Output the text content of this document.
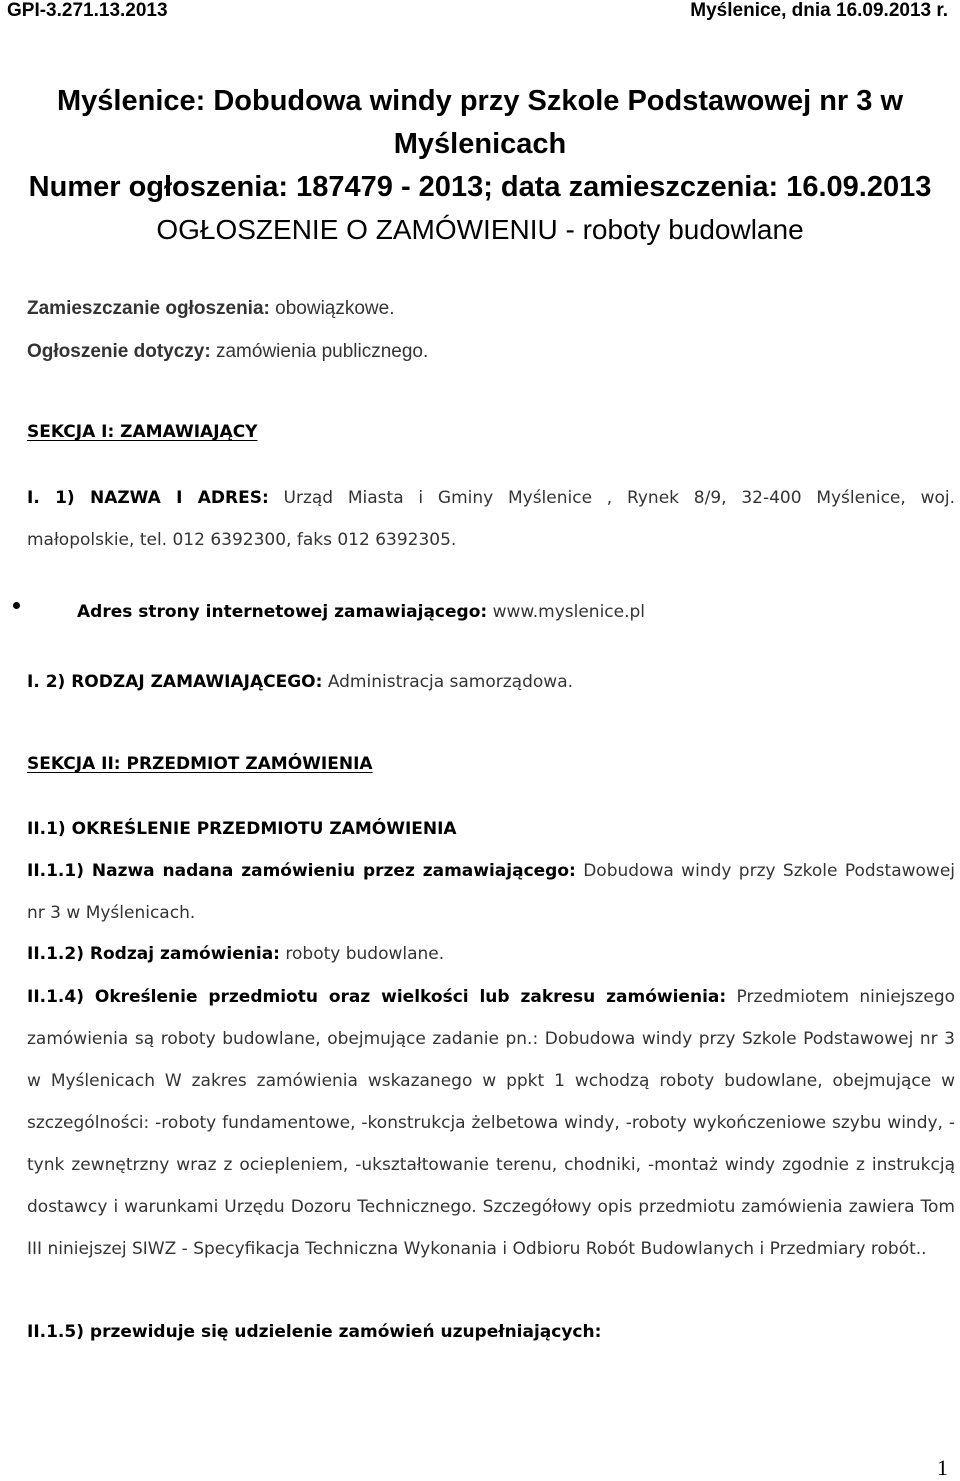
GPI-3.271.13.2013	Myślenice, dnia 16.09.2013 r.
Myślenice: Dobudowa windy przy Szkole Podstawowej nr 3 w
Myślenicach
Numer ogłoszenia: 187479 - 2013; data zamieszczenia: 16.09.2013
OGŁOSZENIE O ZAMÓWIENIU - roboty budowlane
Zamieszczanie ogłoszenia: obowiązkowe.
Ogłoszenie dotyczy: zamówienia publicznego.
SEKCJA I: ZAMAWIAJĄCY
I. 1) NAZWA I ADRES: Urząd Miasta i Gminy Myślenice , Rynek 8/9, 32-400 Myślenice, woj.
małopolskie, tel. 012 6392300, faks 012 6392305.
Adres strony internetowej zamawiającego: www.myslenice.pl
I. 2) RODZAJ ZAMAWIAJĄCEGO: Administracja samorządowa.
SEKCJA II: PRZEDMIOT ZAMÓWIENIA
II.1) OKREŚLENIE PRZEDMIOTU ZAMÓWIENIA
II.1.1) Nazwa nadana zamówieniu przez zamawiającego: Dobudowa windy przy Szkole Podstawowej nr 3 w Myślenicach.
II.1.2) Rodzaj zamówienia: roboty budowlane.
II.1.4) Określenie przedmiotu oraz wielkości lub zakresu zamówienia: Przedmiotem niniejszego zamówienia są roboty budowlane, obejmujące zadanie pn.: Dobudowa windy przy Szkole Podstawowej nr 3 w Myślenicach W zakres zamówienia wskazanego w ppkt 1 wchodzą roboty budowlane, obejmujące w szczególności: -roboty fundamentowe, -konstrukcja żelbetowa windy, -roboty wykończeniowe szybu windy, -tynk zewnętrzny wraz z ociepleniem, -ukształtowanie terenu, chodniki, -montaż windy zgodnie z instrukcją dostawcy i warunkami Urzędu Dozoru Technicznego. Szczegółowy opis przedmiotu zamówienia zawiera Tom III niniejszej SIWZ - Specyfikacja Techniczna Wykonania i Odbioru Robót Budowlanych i Przedmiary robót..
II.1.5) przewiduje się udzielenie zamówień uzupełniających:
1
